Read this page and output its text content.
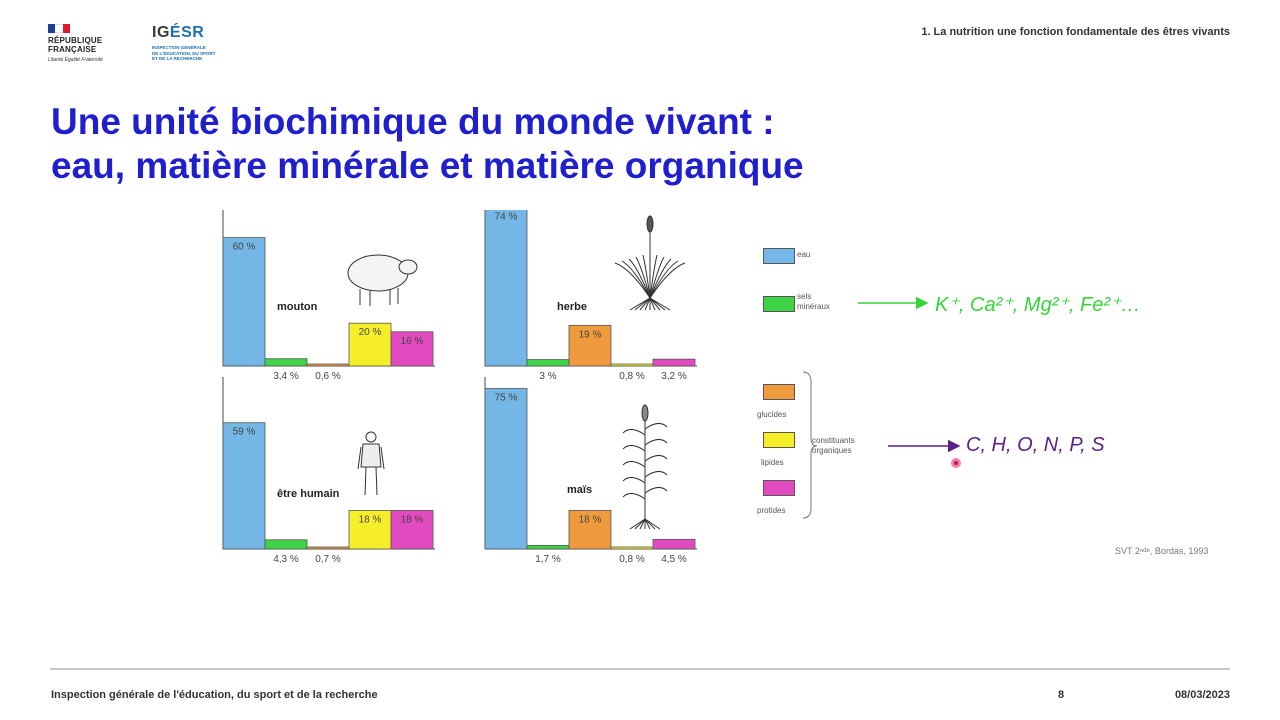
RÉPUBLIQUE
FRANÇAISE
Liberté Égalité Fraternité
IGÉSR
INSPECTION GÉNÉRALE
DE L'ÉDUCATION, DU SPORT
ET DE LA RECHERCHE
1. La nutrition une fonction fondamentale des êtres vivants
Une unité biochimique du monde vivant :
eau, matière minérale et matière organique
60 %
3,4 % 0,6 %
20 %
16 %
mouton
74 %
3 %
19 %
0,8 % 3,2 %
herbe
59 %
4,3 % 0,7 %
18 % 18 %
être humain
75 %
1,7 %
18 %
0,8 % 4,5 %
maïs
eau
sels
minéraux	K⁺, Ca²⁺, Mg²⁺, Fe²⁺…
glucides
lipides
protides
constituants
organiques	C, H, O, N, P, S
SVT 2ⁿᵈᵉ, Bordas, 1993
Inspection générale de l'éducation, du sport et de la recherche	8	08/03/2023
